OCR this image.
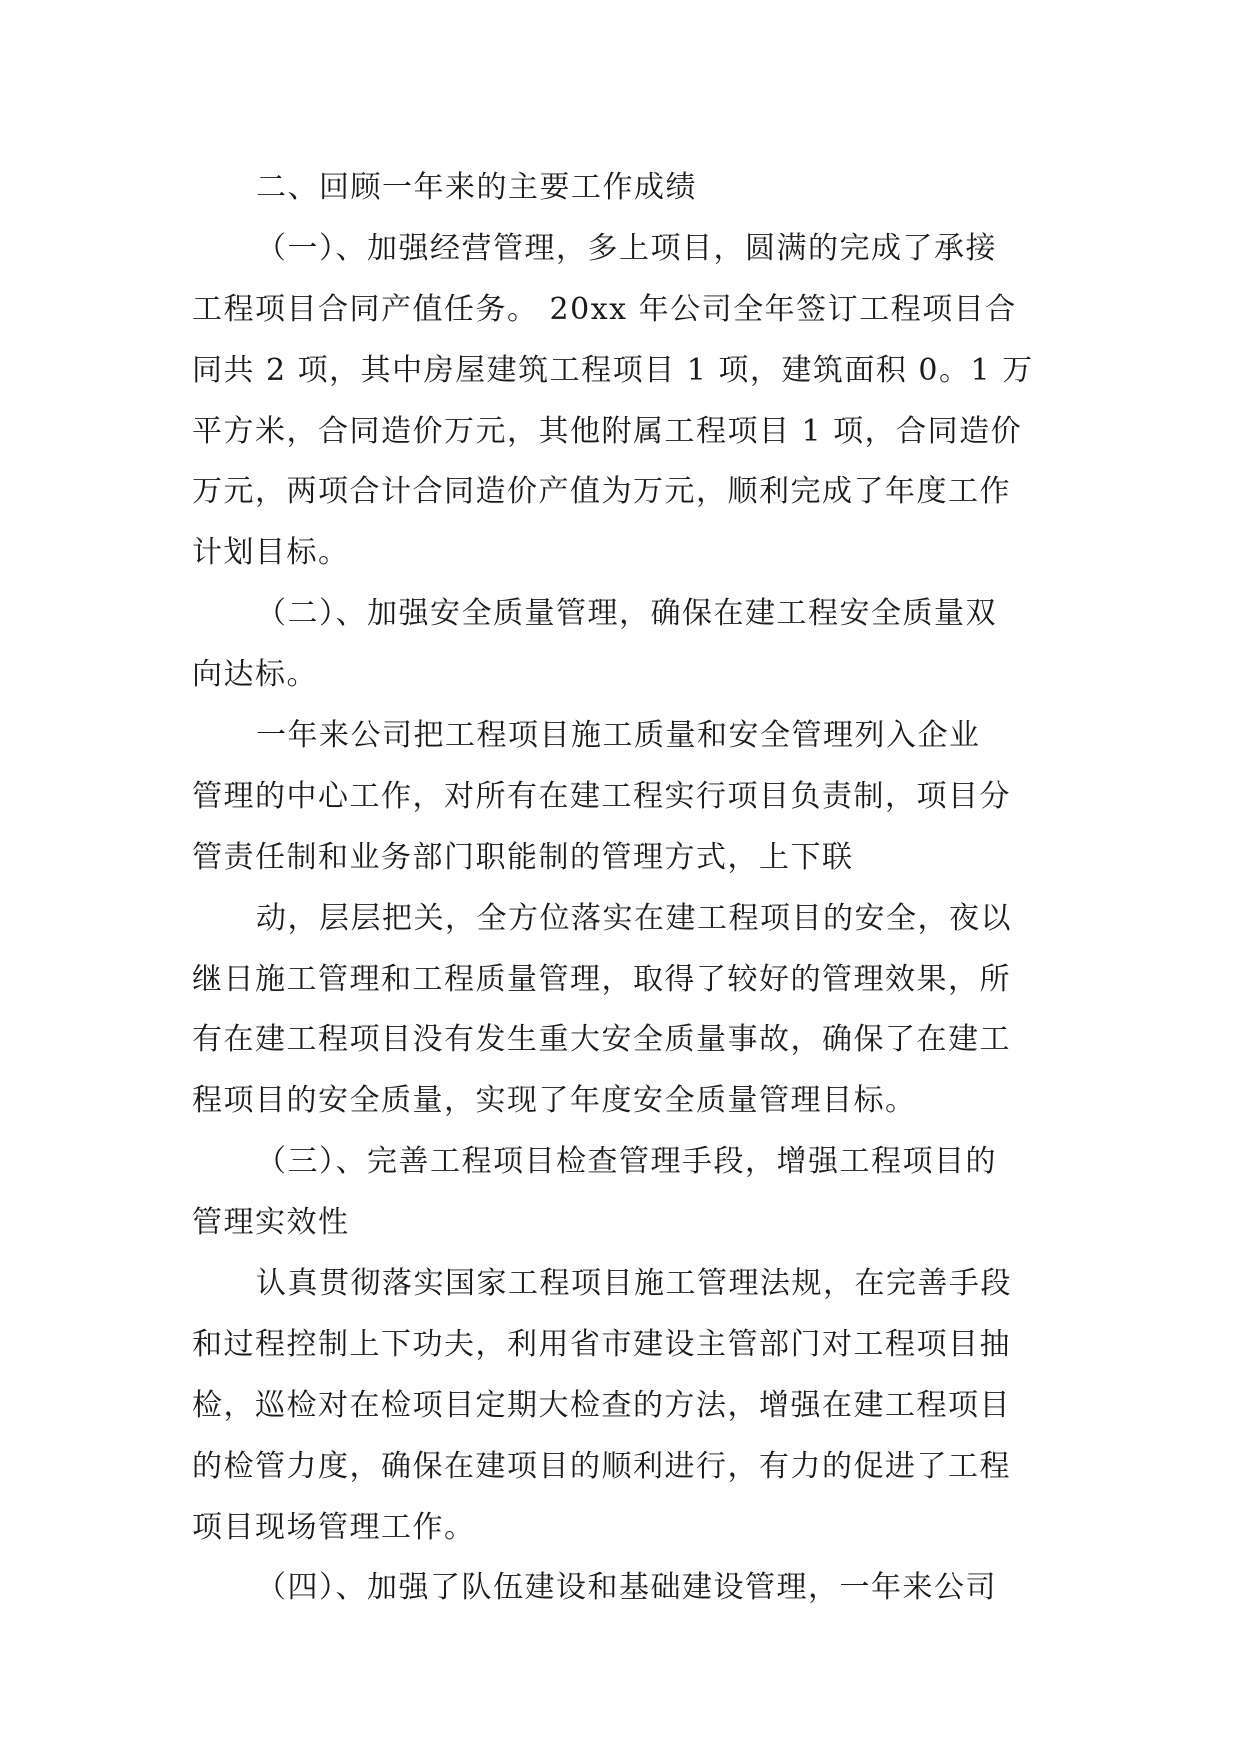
二、回顾一年来的主要工作成绩
（一）、加强经营管理，多上项目，圆满的完成了承接
工程项目合同产值任务。 20xx 年公司全年签订工程项目合
同共 2 项，其中房屋建筑工程项目 1 项，建筑面积 0。1 万
平方米，合同造价万元，其他附属工程项目 1 项，合同造价
万元，两项合计合同造价产值为万元，顺利完成了年度工作
计划目标。
（二）、加强安全质量管理，确保在建工程安全质量双
向达标。
一年来公司把工程项目施工质量和安全管理列入企业
管理的中心工作，对所有在建工程实行项目负责制，项目分
管责任制和业务部门职能制的管理方式，上下联
动，层层把关，全方位落实在建工程项目的安全，夜以
继日施工管理和工程质量管理，取得了较好的管理效果，所
有在建工程项目没有发生重大安全质量事故，确保了在建工
程项目的安全质量，实现了年度安全质量管理目标。
（三）、完善工程项目检查管理手段，增强工程项目的
管理实效性
认真贯彻落实国家工程项目施工管理法规，在完善手段
和过程控制上下功夫，利用省市建设主管部门对工程项目抽
检，巡检对在检项目定期大检查的方法，增强在建工程项目
的检管力度，确保在建项目的顺利进行，有力的促进了工程
项目现场管理工作。
（四）、加强了队伍建设和基础建设管理，一年来公司
